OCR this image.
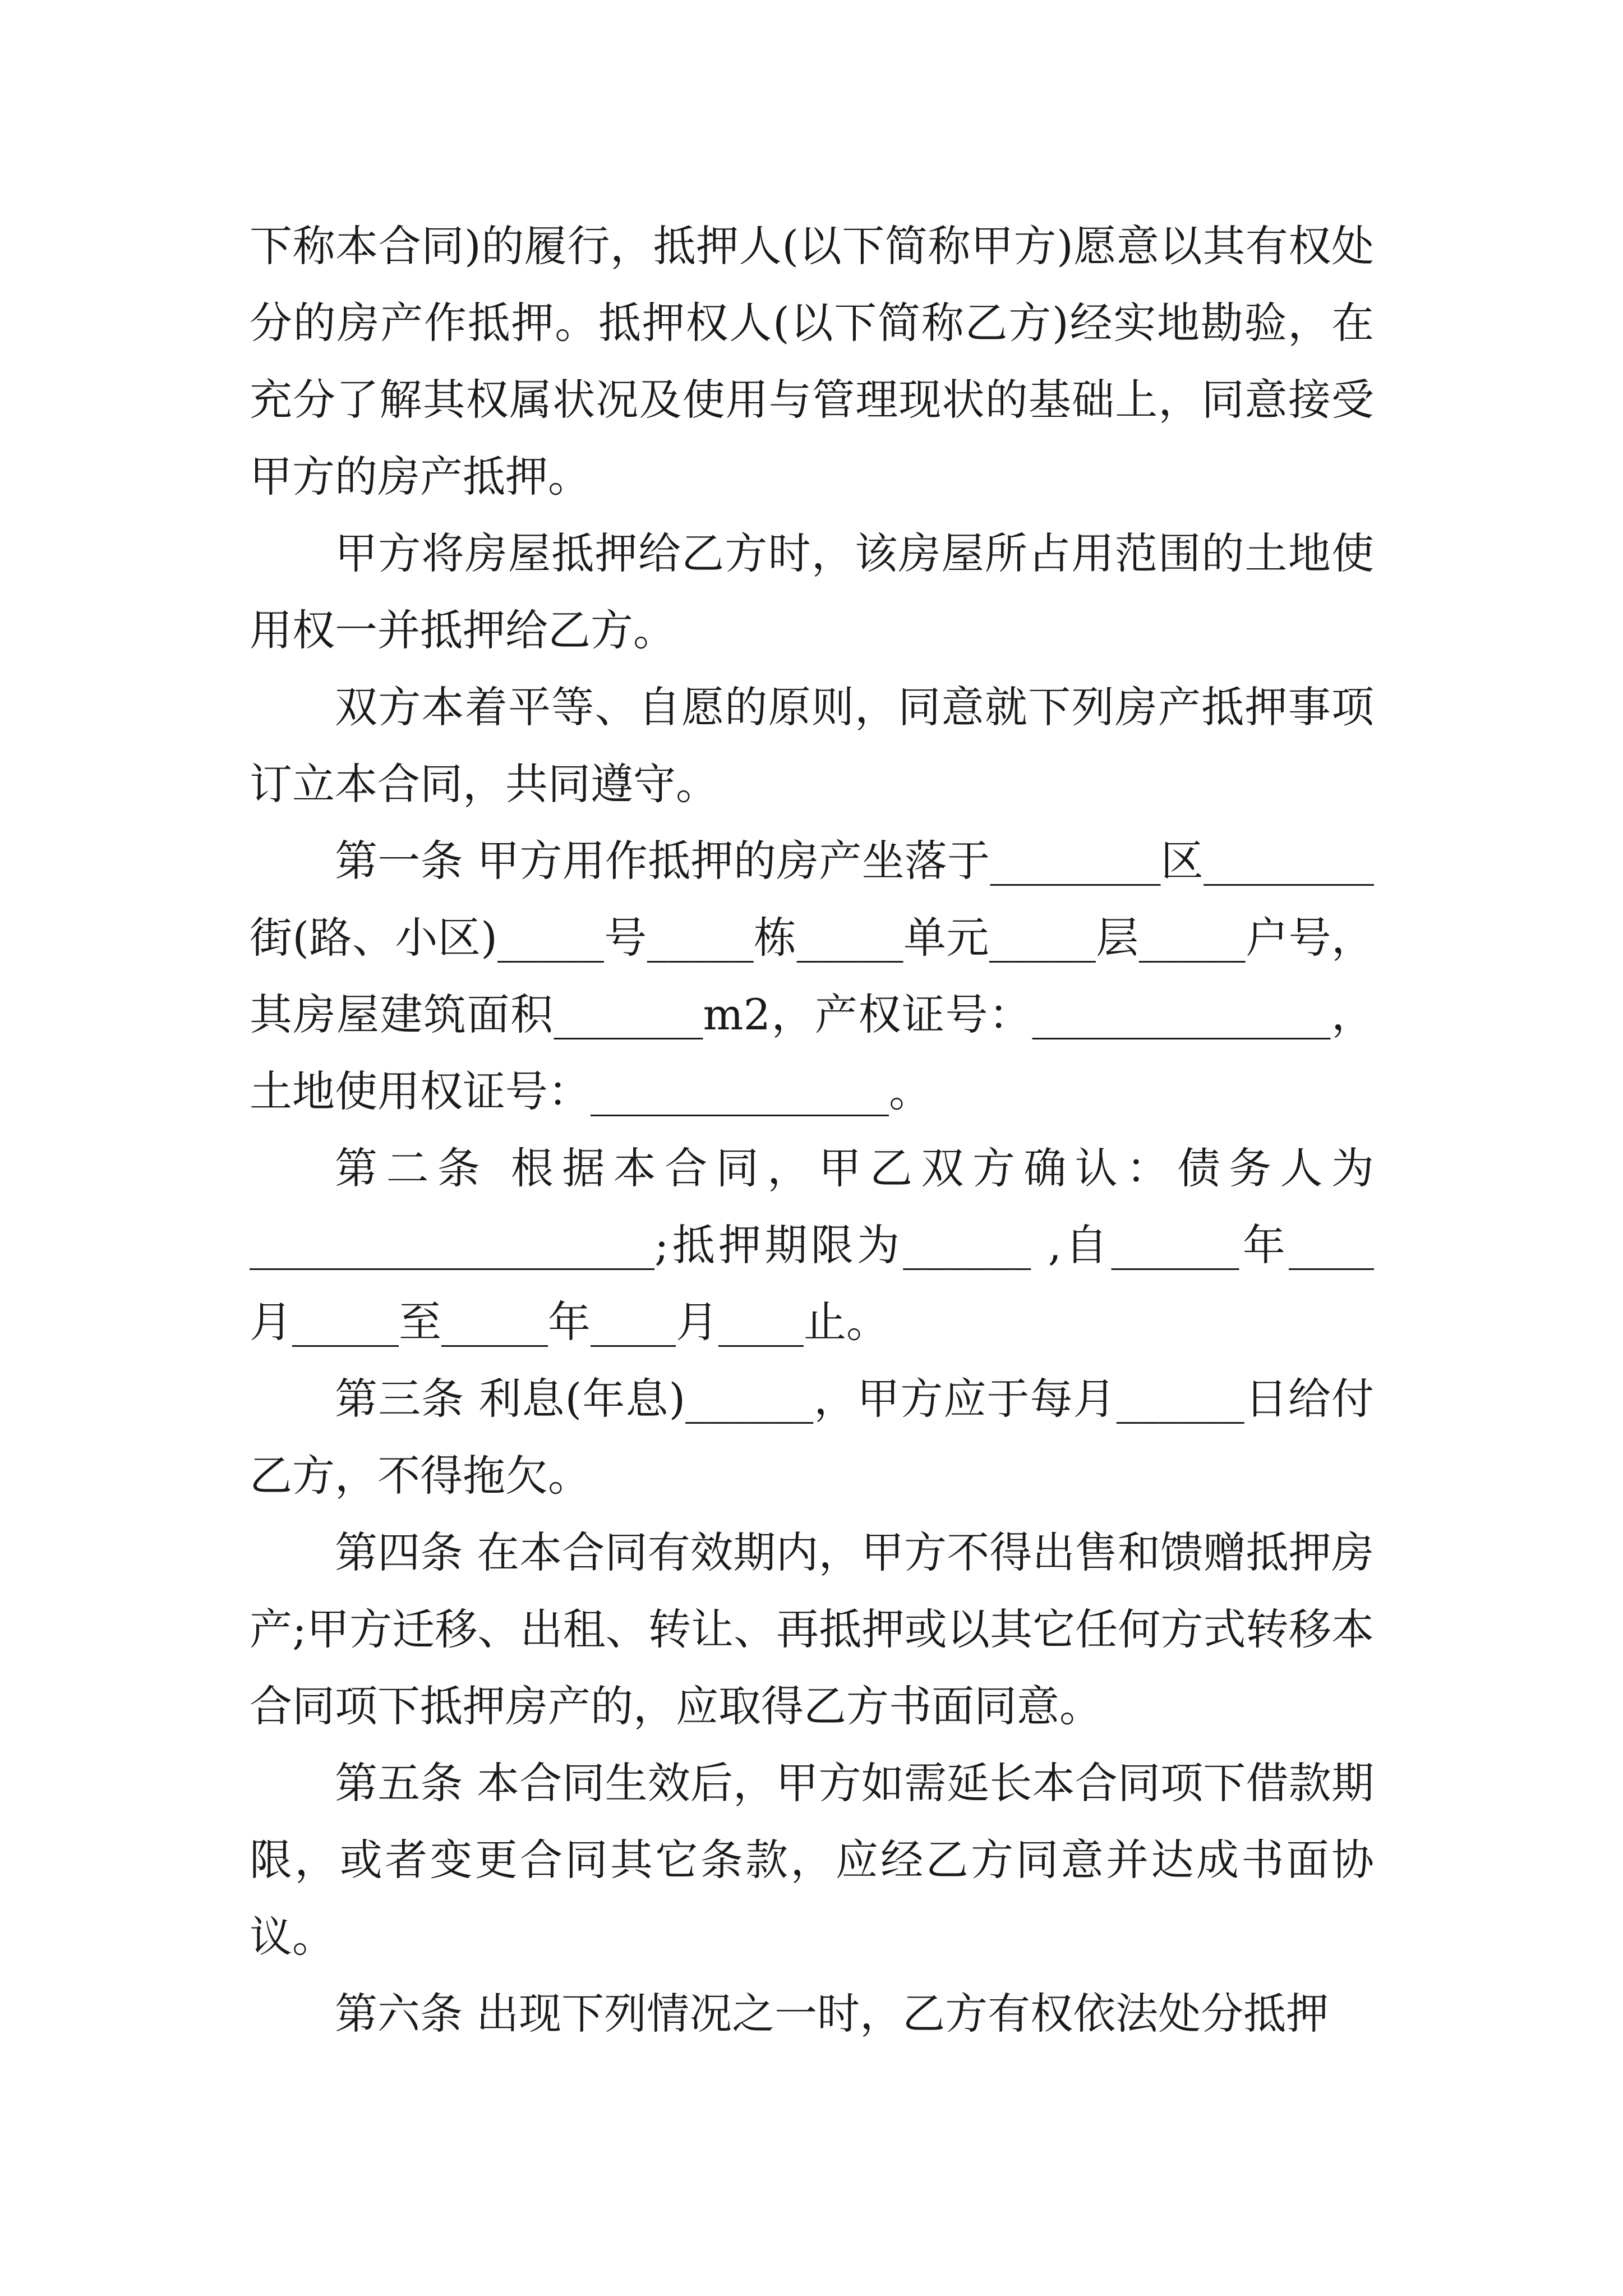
下称本合同)的履行，抵押人(以下简称甲方)愿意以其有权处分的房产作抵押。抵押权人(以下简称乙方)经实地勘验，在充分了解其权属状况及使用与管理现状的基础上，同意接受甲方的房产抵押。

甲方将房屋抵押给乙方时，该房屋所占用范围的土地使用权一并抵押给乙方。

双方本着平等、自愿的原则，同意就下列房产抵押事项订立本合同，共同遵守。

第一条 甲方用作抵押的房产坐落于________区________街(路、小区)_____号_____栋_____单元_____层_____户号，其房屋建筑面积_______m2，产权证号：______________，土地使用权证号：______________。

第二条 根据本合同，甲乙双方确认：债务人为___________________;抵押期限为______ ,自______年____月_____至_____年____月____止。

第三条 利息(年息)______，甲方应于每月______日给付乙方，不得拖欠。

第四条 在本合同有效期内，甲方不得出售和馈赠抵押房产;甲方迁移、出租、转让、再抵押或以其它任何方式转移本合同项下抵押房产的，应取得乙方书面同意。

第五条 本合同生效后，甲方如需延长本合同项下借款期限，或者变更合同其它条款，应经乙方同意并达成书面协议。

第六条 出现下列情况之一时，乙方有权依法处分抵押
